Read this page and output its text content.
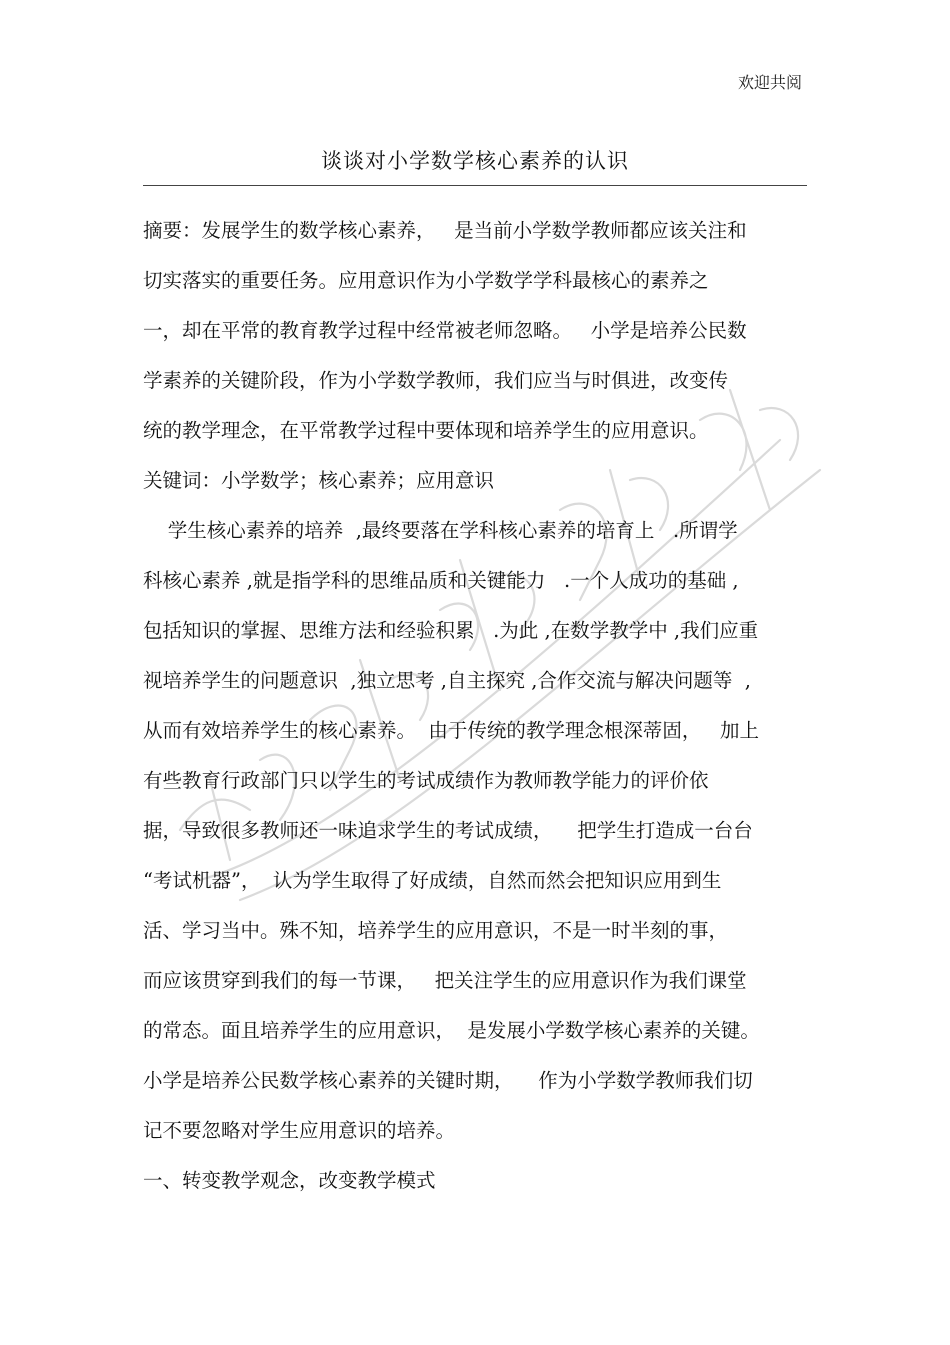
欢迎共阅
谈谈对小学数学核心素养的认识
摘要：发展学生的数学核心素养，   是当前小学数学教师都应该关注和
切实落实的重要任务。应用意识作为小学数学学科最核心的素养之
一，却在平常的教育教学过程中经常被老师忽略。   小学是培养公民数
学素养的关键阶段，作为小学数学教师，我们应当与时俱进，改变传
统的教学理念，在平常教学过程中要体现和培养学生的应用意识。
关键词：小学数学；核心素养；应用意识
学生核心素养的培养  ,最终要落在学科核心素养的培育上   .所谓学
科核心素养 ,就是指学科的思维品质和关键能力   .一个人成功的基础 ,
包括知识的掌握、思维方法和经验积累   .为此 ,在数学教学中 ,我们应重
视培养学生的问题意识  ,独立思考 ,自主探究 ,合作交流与解决问题等  ,
从而有效培养学生的核心素养。  由于传统的教学理念根深蒂固，   加上
有些教育行政部门只以学生的考试成绩作为教师教学能力的评价依
据，导致很多教师还一味追求学生的考试成绩，    把学生打造成一台台
“考试机器”，  认为学生取得了好成绩，自然而然会把知识应用到生
活、学习当中。殊不知，培养学生的应用意识，不是一时半刻的事，
而应该贯穿到我们的每一节课，   把关注学生的应用意识作为我们课堂
的常态。面且培养学生的应用意识，  是发展小学数学核心素养的关键。
小学是培养公民数学核心素养的关键时期，    作为小学数学教师我们切
记不要忽略对学生应用意识的培养。
一、转变教学观念，改变教学模式
